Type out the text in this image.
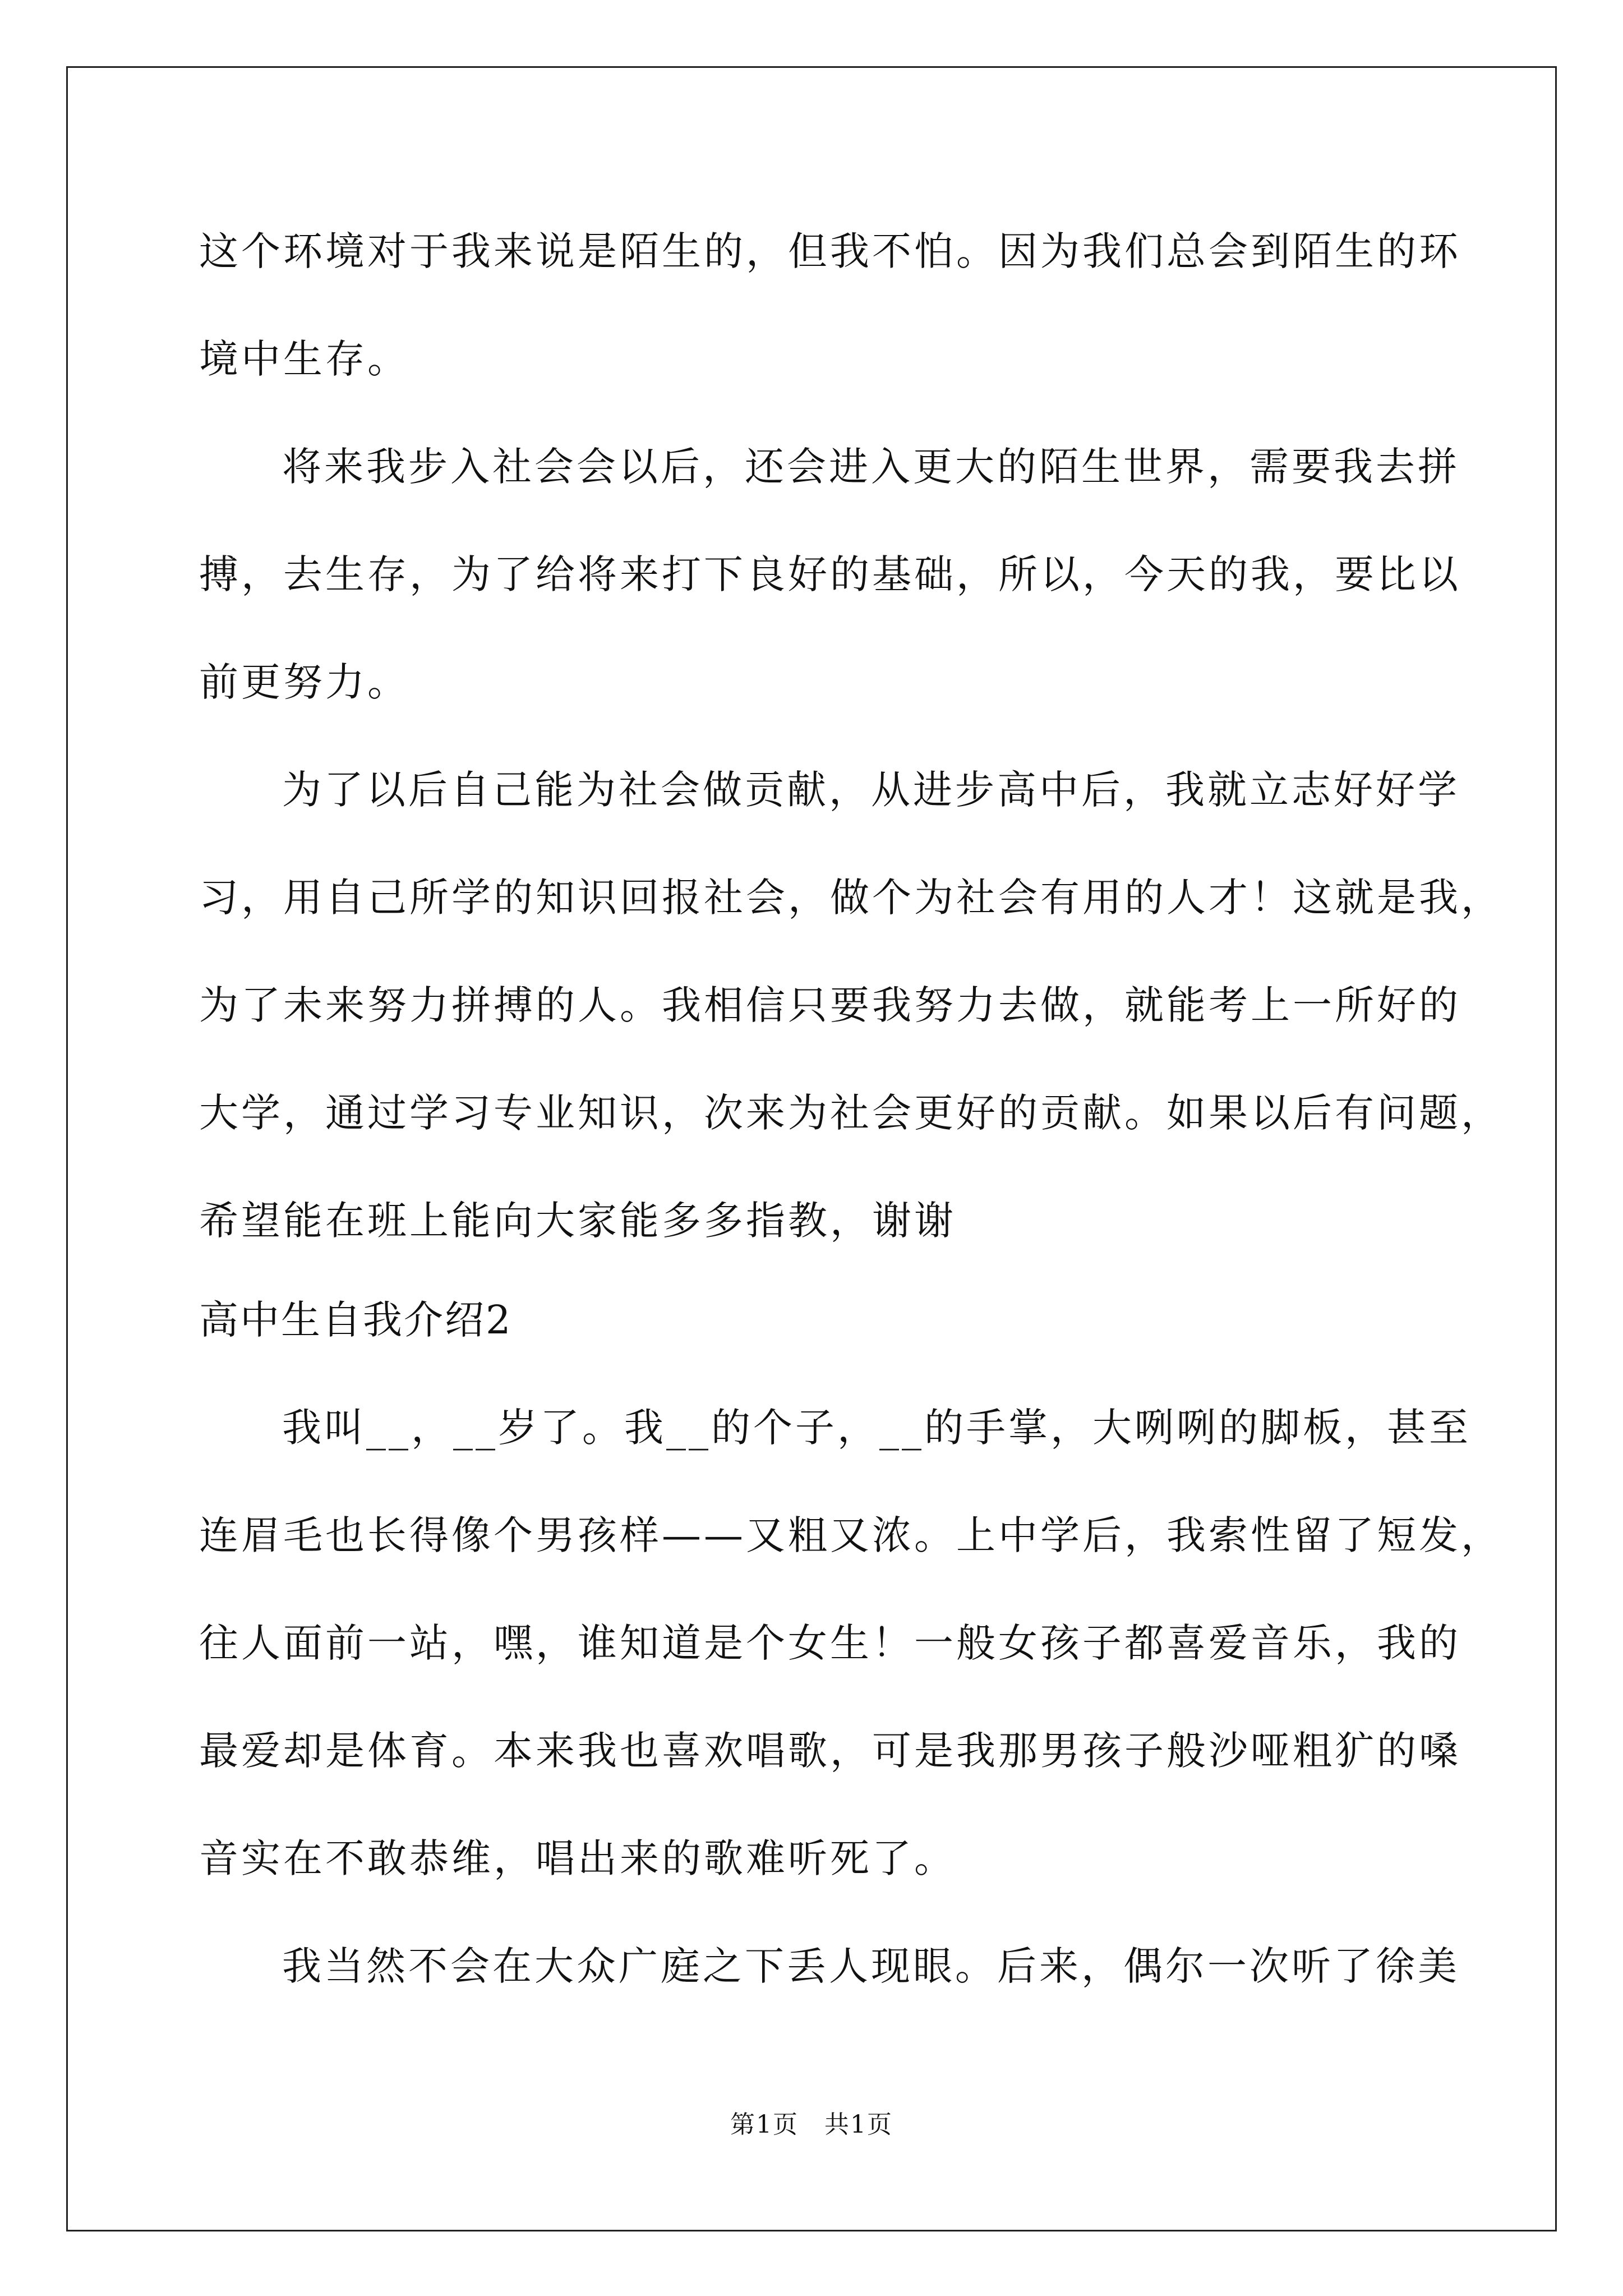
这个环境对于我来说是陌生的，但我不怕。因为我们总会到陌生的环
境中生存。
将来我步入社会会以后，还会进入更大的陌生世界，需要我去拼
搏，去生存，为了给将来打下良好的基础，所以，今天的我，要比以
前更努力。
为了以后自己能为社会做贡献，从进步高中后，我就立志好好学
习，用自己所学的知识回报社会，做个为社会有用的人才！这就是我，
为了未来努力拼搏的人。我相信只要我努力去做，就能考上一所好的
大学，通过学习专业知识，次来为社会更好的贡献。如果以后有问题，
希望能在班上能向大家能多多指教，谢谢
高中生自我介绍2
我叫__，__岁了。我__的个子，__的手掌，大咧咧的脚板，甚至
连眉毛也长得像个男孩样——又粗又浓。上中学后，我索性留了短发，
往人面前一站，嘿，谁知道是个女生！一般女孩子都喜爱音乐，我的
最爱却是体育。本来我也喜欢唱歌，可是我那男孩子般沙哑粗犷的嗓
音实在不敢恭维，唱出来的歌难听死了。
我当然不会在大众广庭之下丢人现眼。后来，偶尔一次听了徐美
第1页　共1页
